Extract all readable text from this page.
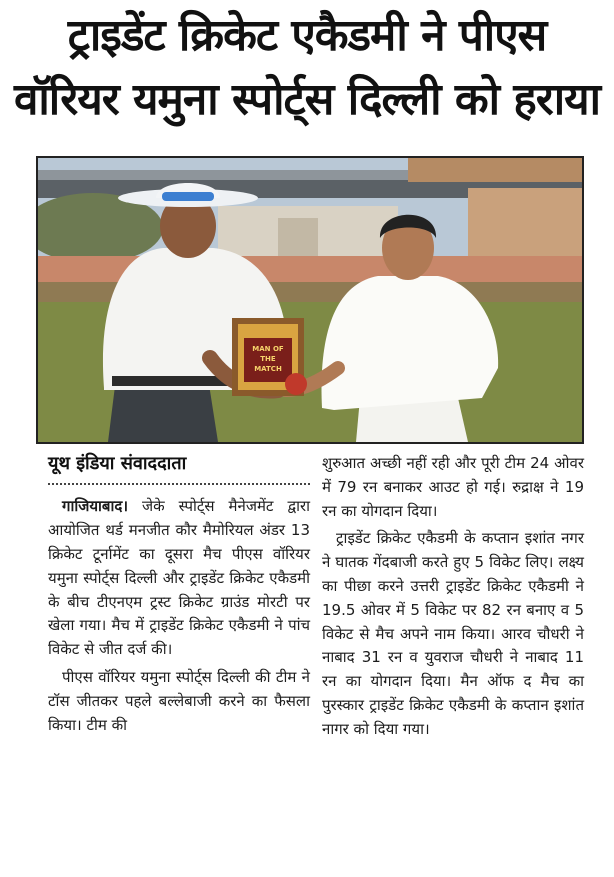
ट्राइडेंट क्रिकेट एकैडमी ने पीएस
वॉरियर यमुना स्पोर्ट्स दिल्ली को हराया
MAN OF
THE
MATCH
यूथ इंडिया संवाददाता
गाजियाबाद। जेके स्पोर्ट्स मैनेजमेंट द्वारा आयोजित थर्ड मनजीत कौर मैमोरियल अंडर 13 क्रिकेट टूर्नामेंट का दूसरा मैच पीएस वॉरियर यमुना स्पोर्ट्स दिल्ली और ट्राइडेंट क्रिकेट एकैडमी के बीच टीएनएम ट्रस्ट क्रिकेट ग्राउंड मोरटी पर खेला गया। मैच में ट्राइडेंट क्रिकेट एकैडमी ने पांच विकेट से जीत दर्ज की।
पीएस वॉरियर यमुना स्पोर्ट्स दिल्ली की टीम ने टॉस जीतकर पहले बल्लेबाजी करने का फैसला किया। टीम की
शुरुआत अच्छी नहीं रही और पूरी टीम 24 ओवर में 79 रन बनाकर आउट हो गई। रुद्राक्ष ने 19 रन का योगदान दिया।
ट्राइडेंट क्रिकेट एकैडमी के कप्तान इशांत नगर ने घातक गेंदबाजी करते हुए 5 विकेट लिए। लक्ष्य का पीछा करने उत्तरी ट्राइडेंट क्रिकेट एकैडमी ने 19.5 ओवर में 5 विकेट पर 82 रन बनाए व 5 विकेट से मैच अपने नाम किया। आरव चौधरी ने नाबाद 31 रन व युवराज चौधरी ने नाबाद 11 रन का योगदान दिया। मैन ऑफ द मैच का पुरस्कार ट्राइडेंट क्रिकेट एकैडमी के कप्तान इशांत नागर को दिया गया।
